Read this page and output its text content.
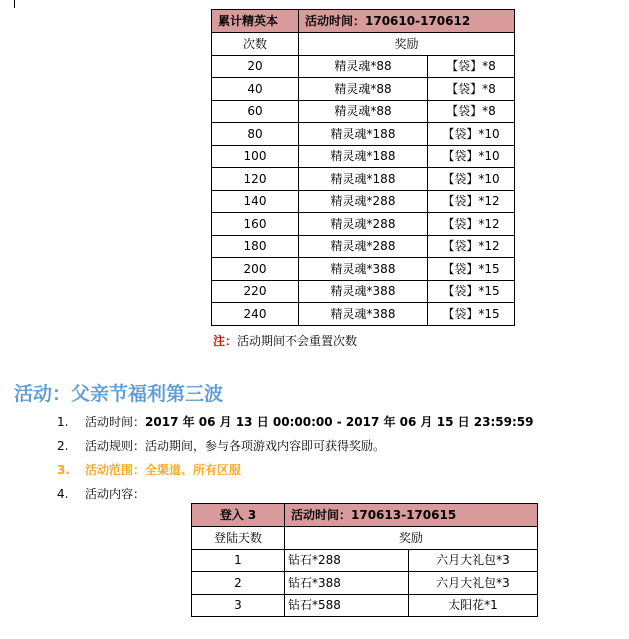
累计精英本	活动时间：170610-170612	
次数	奖励	
20	精灵魂*88	【袋】*8
40	精灵魂*88	【袋】*8
60	精灵魂*88	【袋】*8
80	精灵魂*188	【袋】*10
100	精灵魂*188	【袋】*10
120	精灵魂*188	【袋】*10
140	精灵魂*288	【袋】*12
160	精灵魂*288	【袋】*12
180	精灵魂*288	【袋】*12
200	精灵魂*388	【袋】*15
220	精灵魂*388	【袋】*15
240	精灵魂*388	【袋】*15
注：活动期间不会重置次数
活动：父亲节福利第三波
1. 活动时间：2017 年 06 月 13 日 00:00:00 - 2017 年 06 月 15 日 23:59:59
2. 活动规则：活动期间，参与各项游戏内容即可获得奖励。
3. 活动范围：全渠道、所有区服
4. 活动内容：
登入 3	活动时间：170613-170615	
登陆天数	奖励	
1	钻石*288	六月大礼包*3
2	钻石*388	六月大礼包*3
3	钻石*588	太阳花*1
